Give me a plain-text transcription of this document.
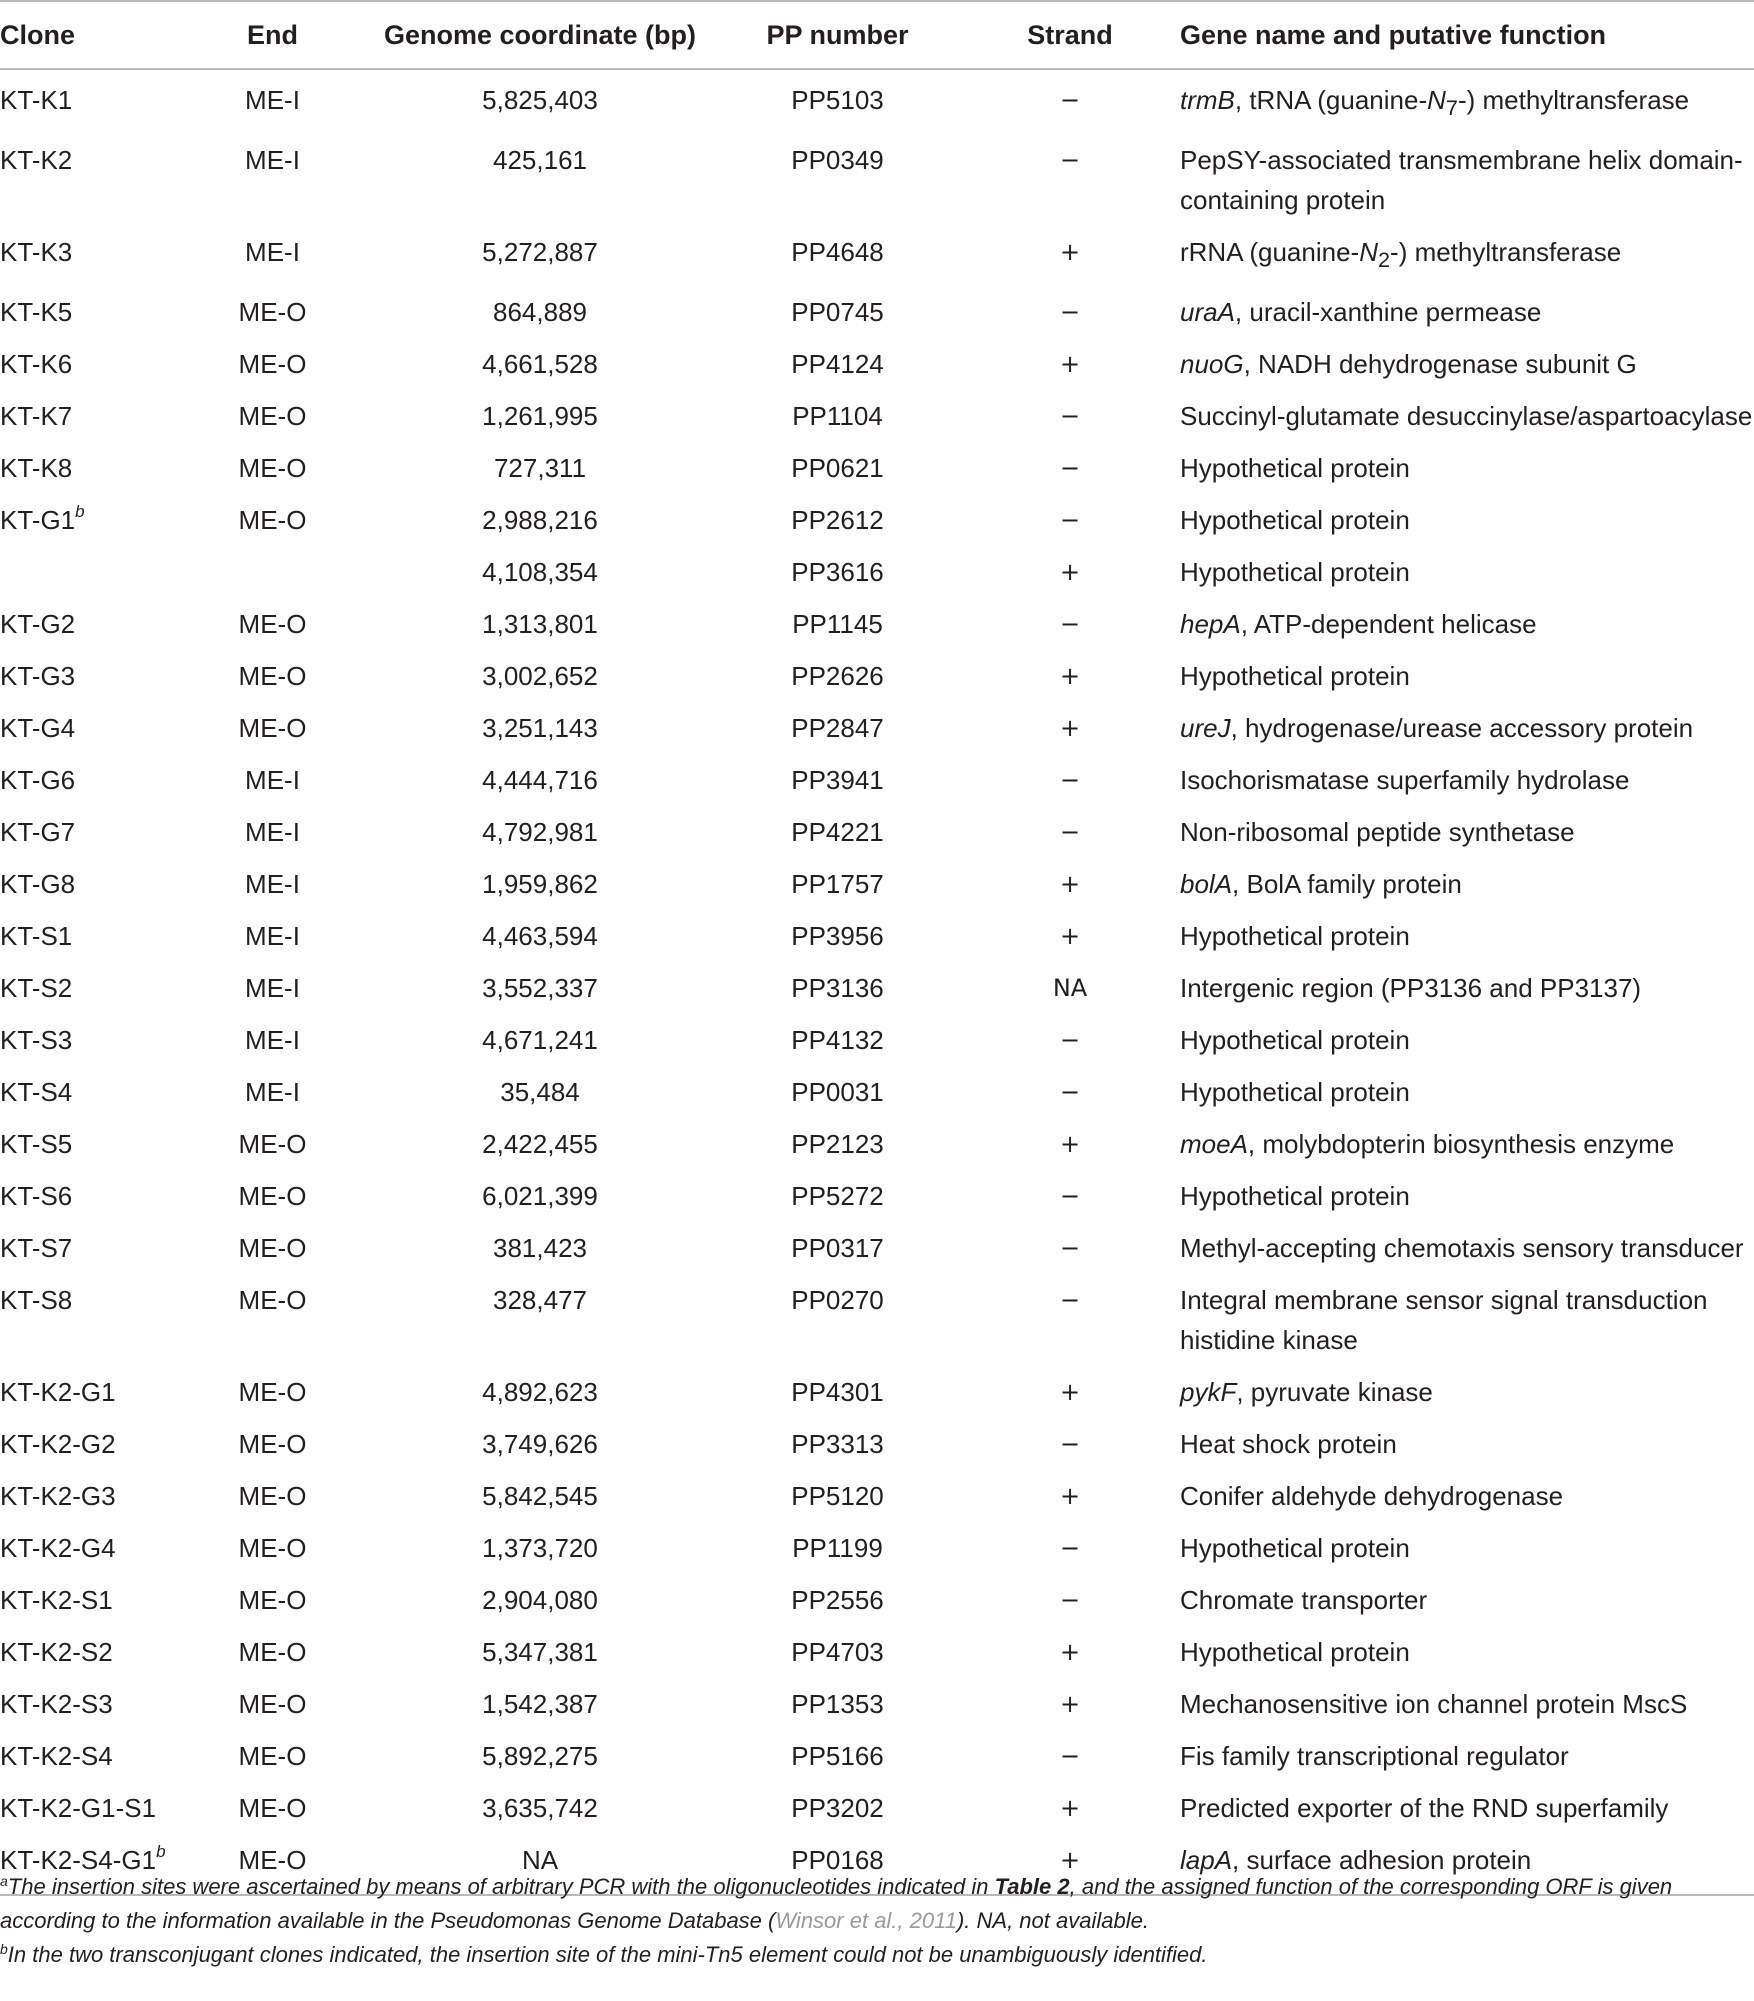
Clone	End	Genome coordinate (bp)	PP number	Strand	Gene name and putative function
KT-K1	ME-I	5,825,403	PP5103	−	trmB, tRNA $(guanine-N_7-)$ methyltransferase
KT-K2	ME-I	425,161	PP0349	−	PepSY-associated transmembrane helix domain-containing protein
KT-K3	ME-I	5,272,887	PP4648	+	rRNA $(guanine-N_2-)$ methyltransferase
KT-K5	ME-O	864,889	PP0745	−	uraA, uracil-xanthine permease
KT-K6	ME-O	4,661,528	PP4124	+	nuoG, NADH dehydrogenase subunit G
KT-K7	ME-O	1,261,995	PP1104	−	Succinyl-glutamate desuccinylase/aspartoacylase
KT-K8	ME-O	727,311	PP0621	−	Hypothetical protein
KT-G1$^b$	ME-O	2,988,216	PP2612	−	Hypothetical protein
		4,108,354	PP3616	+	Hypothetical protein
KT-G2	ME-O	1,313,801	PP1145	−	hepA, ATP-dependent helicase
KT-G3	ME-O	3,002,652	PP2626	+	Hypothetical protein
KT-G4	ME-O	3,251,143	PP2847	+	ureJ, hydrogenase/urease accessory protein
KT-G6	ME-I	4,444,716	PP3941	−	Isochorismatase superfamily hydrolase
KT-G7	ME-I	4,792,981	PP4221	−	Non-ribosomal peptide synthetase
KT-G8	ME-I	1,959,862	PP1757	+	bolA, BolA family protein
KT-S1	ME-I	4,463,594	PP3956	+	Hypothetical protein
KT-S2	ME-I	3,552,337	PP3136	NA	Intergenic region (PP3136 and PP3137)
KT-S3	ME-I	4,671,241	PP4132	−	Hypothetical protein
KT-S4	ME-I	35,484	PP0031	−	Hypothetical protein
KT-S5	ME-O	2,422,455	PP2123	+	moeA, molybdopterin biosynthesis enzyme
KT-S6	ME-O	6,021,399	PP5272	−	Hypothetical protein
KT-S7	ME-O	381,423	PP0317	−	Methyl-accepting chemotaxis sensory transducer
KT-S8	ME-O	328,477	PP0270	−	Integral membrane sensor signal transduction histidine kinase
KT-K2-G1	ME-O	4,892,623	PP4301	+	pykF, pyruvate kinase
KT-K2-G2	ME-O	3,749,626	PP3313	−	Heat shock protein
KT-K2-G3	ME-O	5,842,545	PP5120	+	Conifer aldehyde dehydrogenase
KT-K2-G4	ME-O	1,373,720	PP1199	−	Hypothetical protein
KT-K2-S1	ME-O	2,904,080	PP2556	−	Chromate transporter
KT-K2-S2	ME-O	5,347,381	PP4703	+	Hypothetical protein
KT-K2-S3	ME-O	1,542,387	PP1353	+	Mechanosensitive ion channel protein MscS
KT-K2-S4	ME-O	5,892,275	PP5166	−	Fis family transcriptional regulator
KT-K2-G1-S1	ME-O	3,635,742	PP3202	+	Predicted exporter of the RND superfamily
KT-K2-S4-G1$^b$	ME-O	NA	PP0168	+	lapA, surface adhesion protein

$^a$The insertion sites were ascertained by means of arbitrary PCR with the oligonucleotides indicated in Table 2, and the assigned function of the corresponding ORF is given according to the information available in the Pseudomonas Genome Database (Winsor et al., 2011). NA, not available.

$^b$In the two transconjugant clones indicated, the insertion site of the mini-Tn5 element could not be unambiguously identified.
